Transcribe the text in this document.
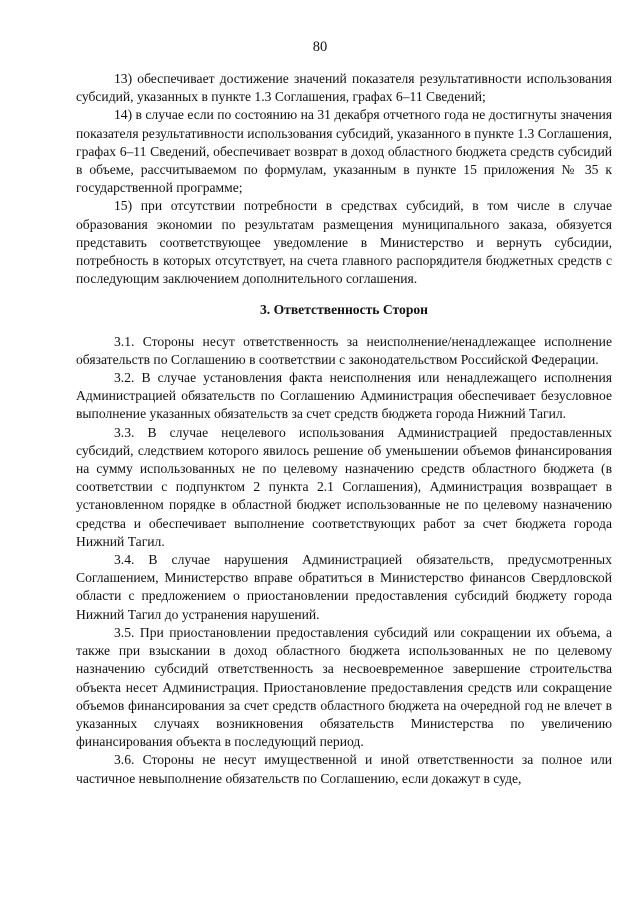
80

13) обеспечивает достижение значений показателя результативности использования субсидий, указанных в пункте 1.3 Соглашения, графах 6–11 Сведений;

14) в случае если по состоянию на 31 декабря отчетного года не достигнуты значения показателя результативности использования субсидий, указанного в пункте 1.3 Соглашения, графах 6–11 Сведений, обеспечивает возврат в доход областного бюджета средств субсидий в объеме, рассчитываемом по формулам, указанным в пункте 15 приложения № 35 к государственной программе;

15) при отсутствии потребности в средствах субсидий, в том числе в случае образования экономии по результатам размещения муниципального заказа, обязуется представить соответствующее уведомление в Министерство и вернуть субсидии, потребность в которых отсутствует, на счета главного распорядителя бюджетных средств с последующим заключением дополнительного соглашения.

3. Ответственность Сторон

3.1. Стороны несут ответственность за неисполнение/ненадлежащее исполнение обязательств по Соглашению в соответствии с законодательством Российской Федерации.

3.2. В случае установления факта неисполнения или ненадлежащего исполнения Администрацией обязательств по Соглашению Администрация обеспечивает безусловное выполнение указанных обязательств за счет средств бюджета города Нижний Тагил.

3.3. В случае нецелевого использования Администрацией предоставленных субсидий, следствием которого явилось решение об уменьшении объемов финансирования на сумму использованных не по целевому назначению средств областного бюджета (в соответствии с подпунктом 2 пункта 2.1 Соглашения), Администрация возвращает в установленном порядке в областной бюджет использованные не по целевому назначению средства и обеспечивает выполнение соответствующих работ за счет бюджета города Нижний Тагил.

3.4. В случае нарушения Администрацией обязательств, предусмотренных Соглашением, Министерство вправе обратиться в Министерство финансов Свердловской области с предложением о приостановлении предоставления субсидий бюджету города Нижний Тагил до устранения нарушений.

3.5. При приостановлении предоставления субсидий или сокращении их объема, а также при взыскании в доход областного бюджета использованных не по целевому назначению субсидий ответственность за несвоевременное завершение строительства объекта несет Администрация. Приостановление предоставления средств или сокращение объемов финансирования за счет средств областного бюджета на очередной год не влечет в указанных случаях возникновения обязательств Министерства по увеличению финансирования объекта в последующий период.

3.6. Стороны не несут имущественной и иной ответственности за полное или частичное невыполнение обязательств по Соглашению, если докажут в суде,
